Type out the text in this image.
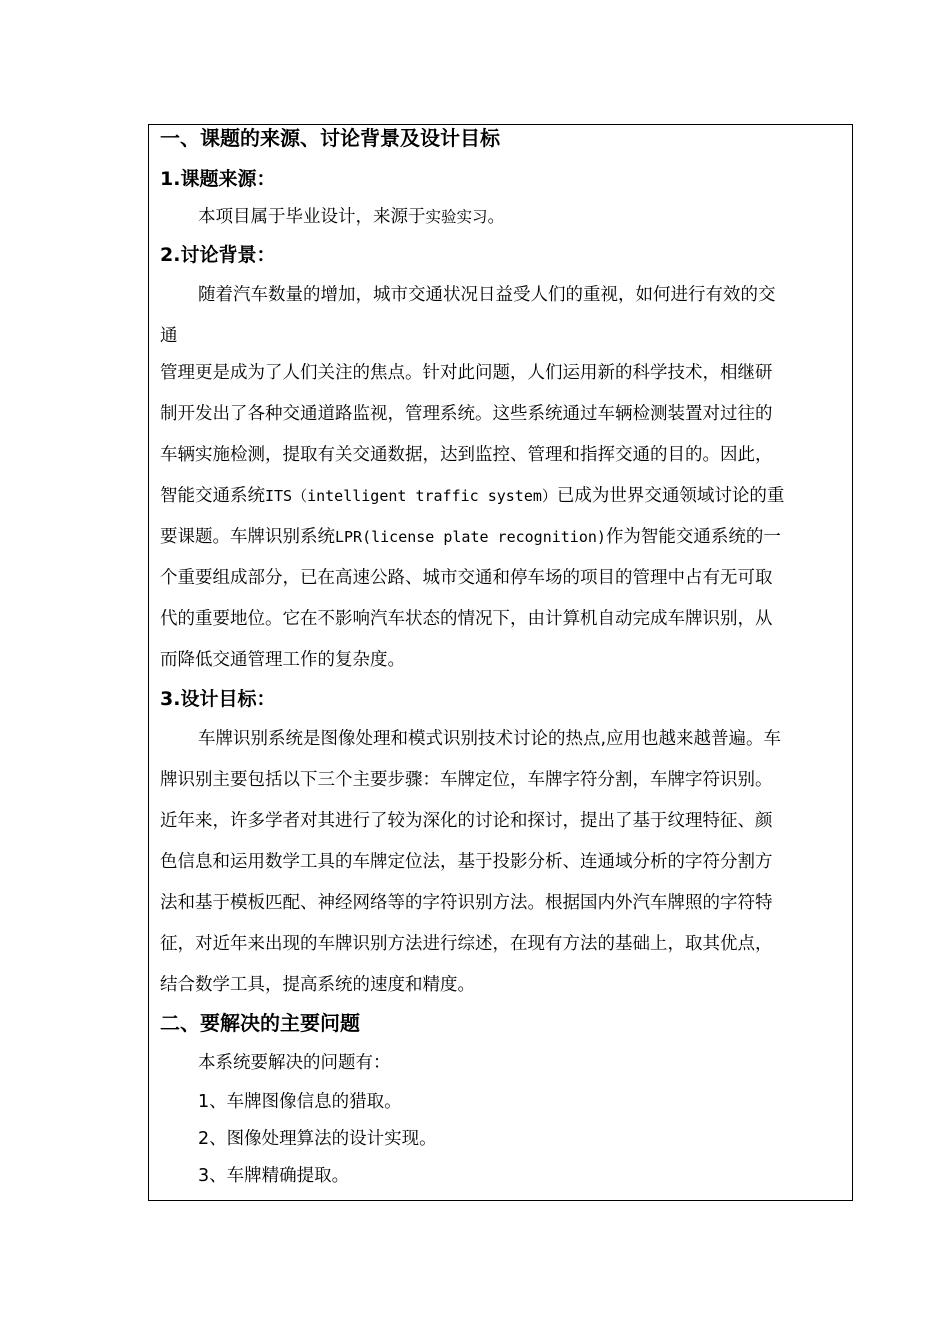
一、课题的来源、讨论背景及设计目标
1.课题来源：
本项目属于毕业设计，来源于实验实习。
2.讨论背景：
随着汽车数量的增加，城市交通状况日益受人们的重视，如何进行有效的交
通
管理更是成为了人们关注的焦点。针对此问题，人们运用新的科学技术，相继研
制开发出了各种交通道路监视，管理系统。这些系统通过车辆检测装置对过往的
车辆实施检测，提取有关交通数据，达到监控、管理和指挥交通的目的。因此，
智能交通系统ITS（intelligent traffic system）已成为世界交通领域讨论的重
要课题。车牌识别系统LPR(license plate recognition)作为智能交通系统的一
个重要组成部分，已在高速公路、城市交通和停车场的项目的管理中占有无可取
代的重要地位。它在不影响汽车状态的情况下，由计算机自动完成车牌识别，从
而降低交通管理工作的复杂度。
3.设计目标：
车牌识别系统是图像处理和模式识别技术讨论的热点,应用也越来越普遍。车
牌识别主要包括以下三个主要步骤：车牌定位，车牌字符分割，车牌字符识别。
近年来，许多学者对其进行了较为深化的讨论和探讨，提出了基于纹理特征、颜
色信息和运用数学工具的车牌定位法，基于投影分析、连通域分析的字符分割方
法和基于模板匹配、神经网络等的字符识别方法。根据国内外汽车牌照的字符特
征，对近年来出现的车牌识别方法进行综述，在现有方法的基础上，取其优点，
结合数学工具，提高系统的速度和精度。
二、要解决的主要问题
本系统要解决的问题有：
1、车牌图像信息的猎取。
2、图像处理算法的设计实现。
3、车牌精确提取。
